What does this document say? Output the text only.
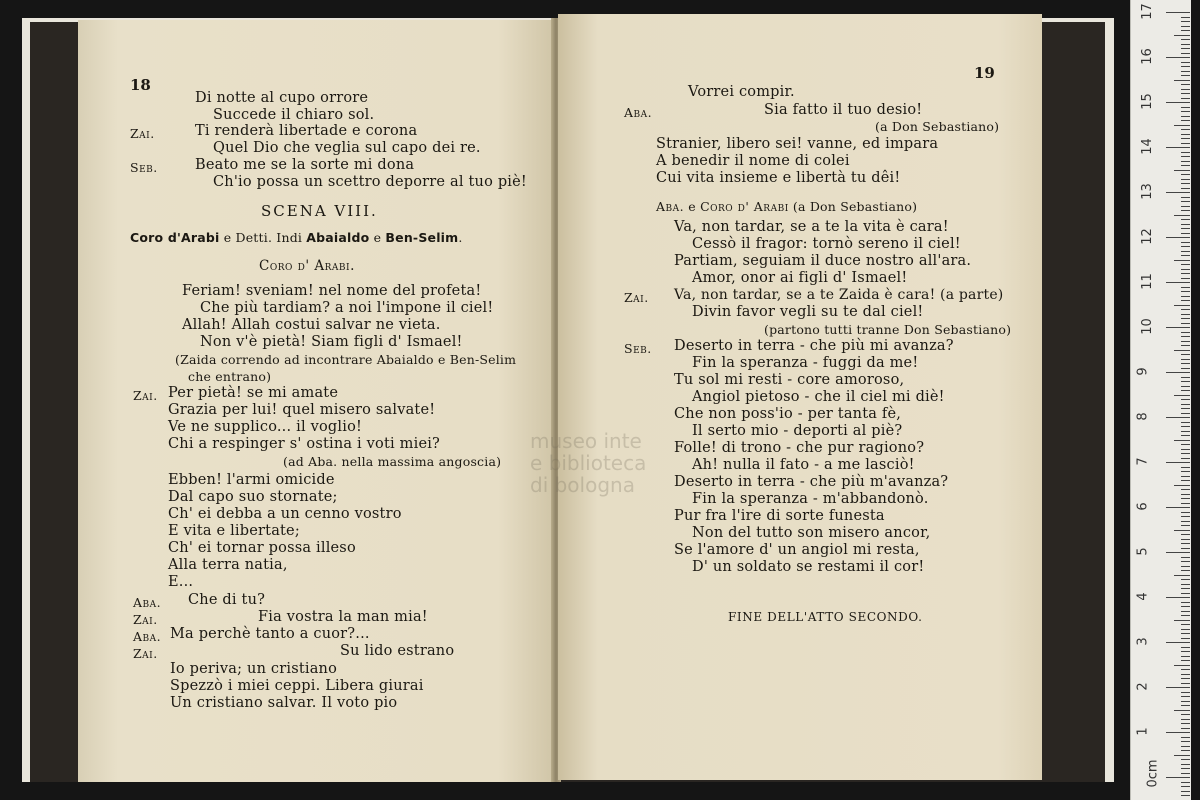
18
Di notte al cupo orrore
Succede il chiaro sol.
Zai.	Ti renderà libertade e corona
Quel Dio che veglia sul capo dei re.
Seb.	Beato me se la sorte mi dona
Ch'io possa un scettro deporre al tuo piè!
SCENA VIII.
Coro d'Arabi e Detti. Indi Abaialdo e Ben-Selim.
Coro d' Arabi.
Feriam! sveniam! nel nome del profeta!
Che più tardiam? a noi l'impone il ciel!
Allah! Allah costui salvar ne vieta.
Non v'è pietà! Siam figli d' Ismael!
(Zaida correndo ad incontrare Abaialdo e Ben-Selim
che entrano)
Zai. Per pietà! se mi amate
Grazia per lui! quel misero salvate!
Ve ne supplico... il voglio!
Chi a respinger s' ostina i voti miei?
(ad Aba. nella massima angoscia)
Ebben! l'armi omicide
Dal capo suo stornate;
Ch' ei debba a un cenno vostro
E vita e libertate;
Ch' ei tornar possa illeso
Alla terra natia,
E...
Aba. Che di tu?
Zai.	Fia vostra la man mia!
Aba. Ma perchè tanto a cuor?...
Zai.	Su lido estrano
Io periva; un cristiano
Spezzò i miei ceppi. Libera giurai
Un cristiano salvar. Il voto pio
19
Vorrei compir.
Aba.	Sia fatto il tuo desio!
(a Don Sebastiano)
Stranier, libero sei! vanne, ed impara
A benedir il nome di colei
Cui vita insieme e libertà tu dêi!
Aba. e Coro d' Arabi (a Don Sebastiano)
Va, non tardar, se a te la vita è cara!
Cessò il fragor: tornò sereno il ciel!
Partiam, seguiam il duce nostro all'ara.
Amor, onor ai figli d' Ismael!
Zai. Va, non tardar, se a te Zaida è cara! (a parte)
Divin favor vegli su te dal ciel!
(partono tutti tranne Don Sebastiano)
Seb. Deserto in terra - che più mi avanza?
Fin la speranza - fuggi da me!
Tu sol mi resti - core amoroso,
Angiol pietoso - che il ciel mi diè!
Che non poss'io - per tanta fè,
Il serto mio - deporti al piè?
Folle! di trono - che pur ragiono?
Ah! nulla il fato - a me lasciò!
Deserto in terra - che più m'avanza?
Fin la speranza - m'abbandonò.
Pur fra l'ire di sorte funesta
Non del tutto son misero ancor,
Se l'amore d' un angiol mi resta,
D' un soldato se restami il cor!
FINE DELL'ATTO SECONDO.
museo inte
e biblioteca
di bologna
17
16
15
14
13
12
11
10
9
8
7
6
5
4
3
2
1
0cm
